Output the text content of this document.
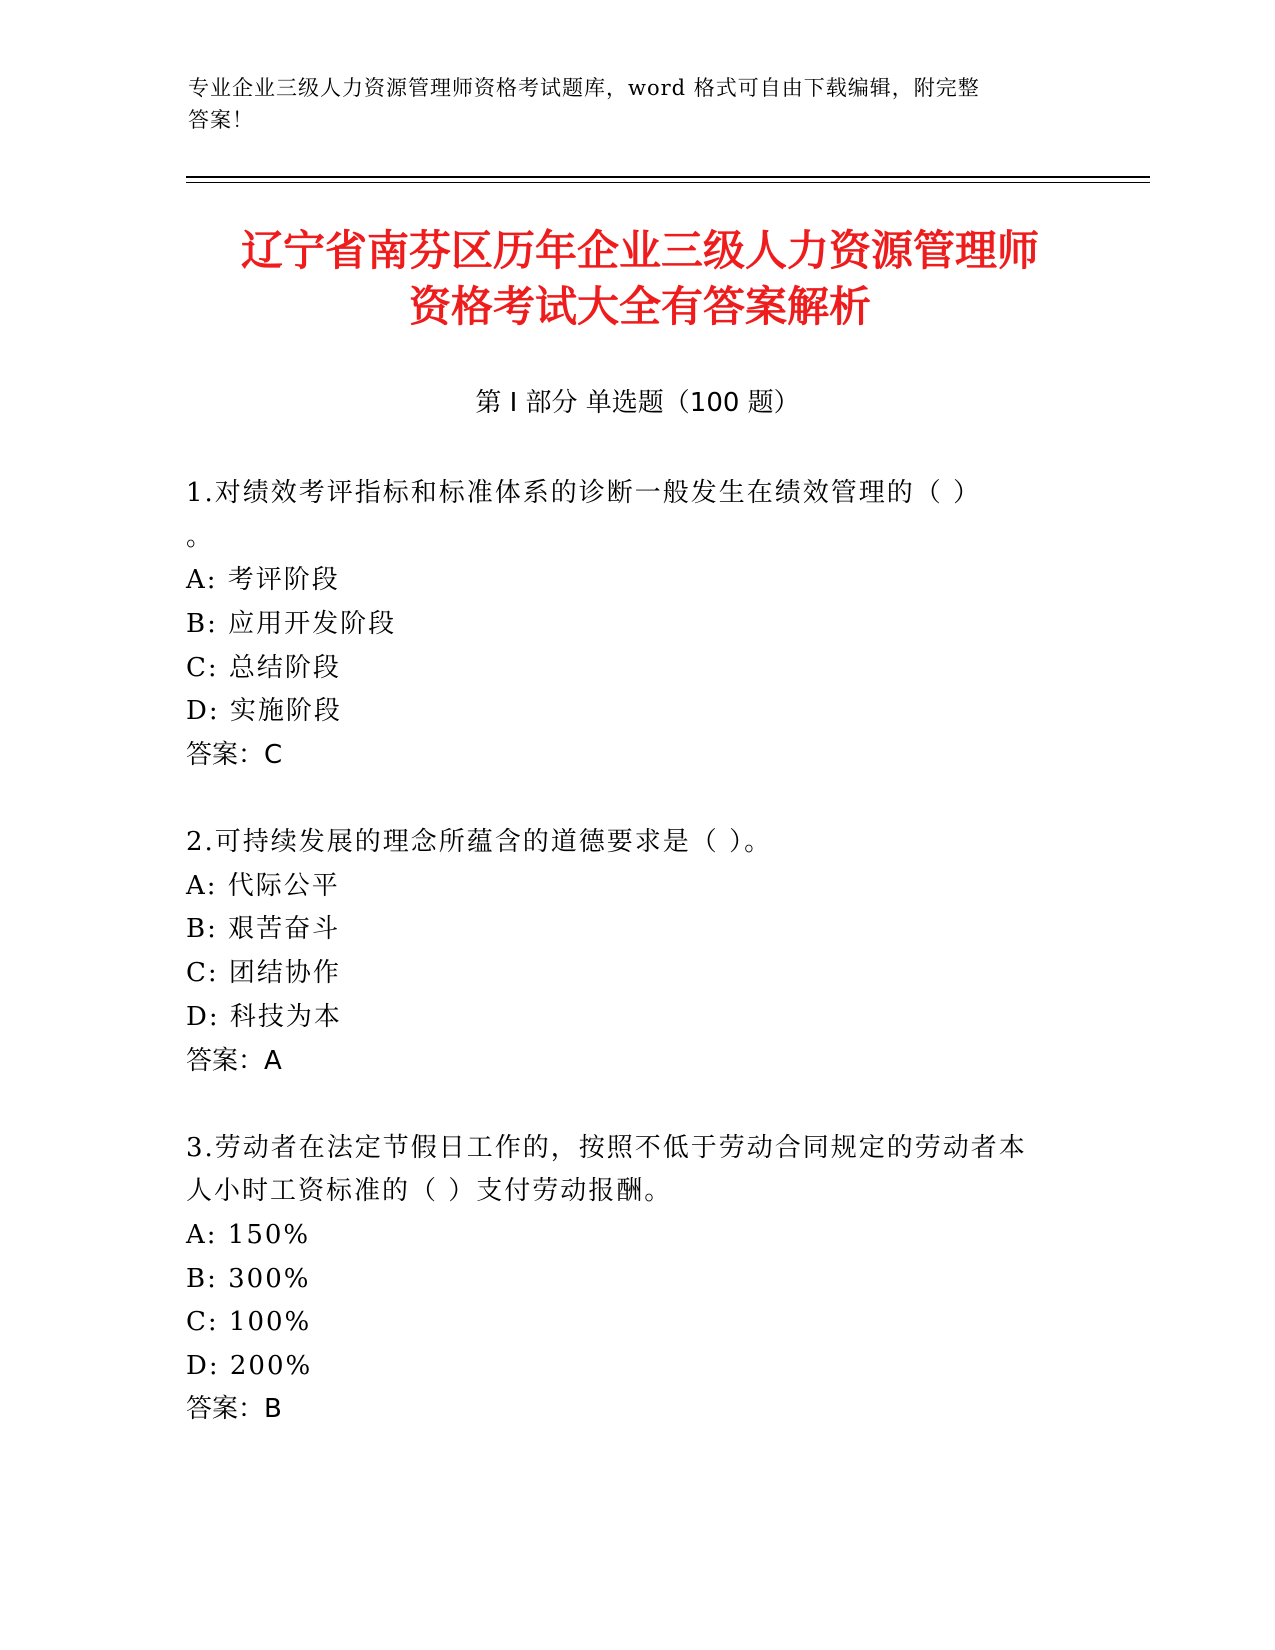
专业企业三级人力资源管理师资格考试题库，word 格式可自由下载编辑，附完整
答案！
辽宁省南芬区历年企业三级人力资源管理师
资格考试大全有答案解析
第 I 部分 单选题（100 题）
1.对绩效考评指标和标准体系的诊断一般发生在绩效管理的（ ）
。
A: 考评阶段
B: 应用开发阶段
C: 总结阶段
D: 实施阶段
答案：C
2.可持续发展的理念所蕴含的道德要求是（ ）。
A: 代际公平
B: 艰苦奋斗
C: 团结协作
D: 科技为本
答案：A
3.劳动者在法定节假日工作的，按照不低于劳动合同规定的劳动者本
人小时工资标准的（ ）支付劳动报酬。
A: 150%
B: 300%
C: 100%
D: 200%
答案：B
